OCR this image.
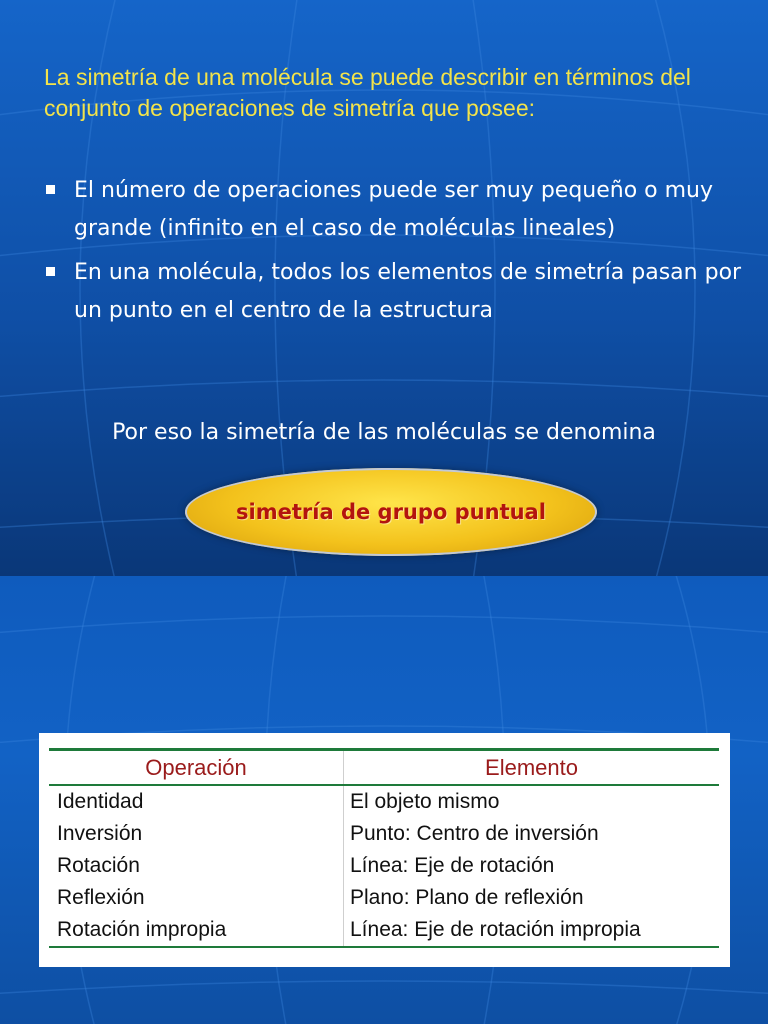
La simetría de una molécula se puede describir en términos del conjunto de operaciones de simetría que posee:

El número de operaciones puede ser muy pequeño o muy grande (infinito en el caso de moléculas lineales)
En una molécula, todos los elementos de simetría pasan por un punto en el centro de la estructura

Por eso la simetría de las moléculas se denomina

simetría de grupo puntual
Operación	Elemento
Identidad	El objeto mismo
Inversión	Punto: Centro de inversión
Rotación	Línea: Eje de rotación
Reflexión	Plano: Plano de reflexión
Rotación impropia	Línea: Eje de rotación impropia
